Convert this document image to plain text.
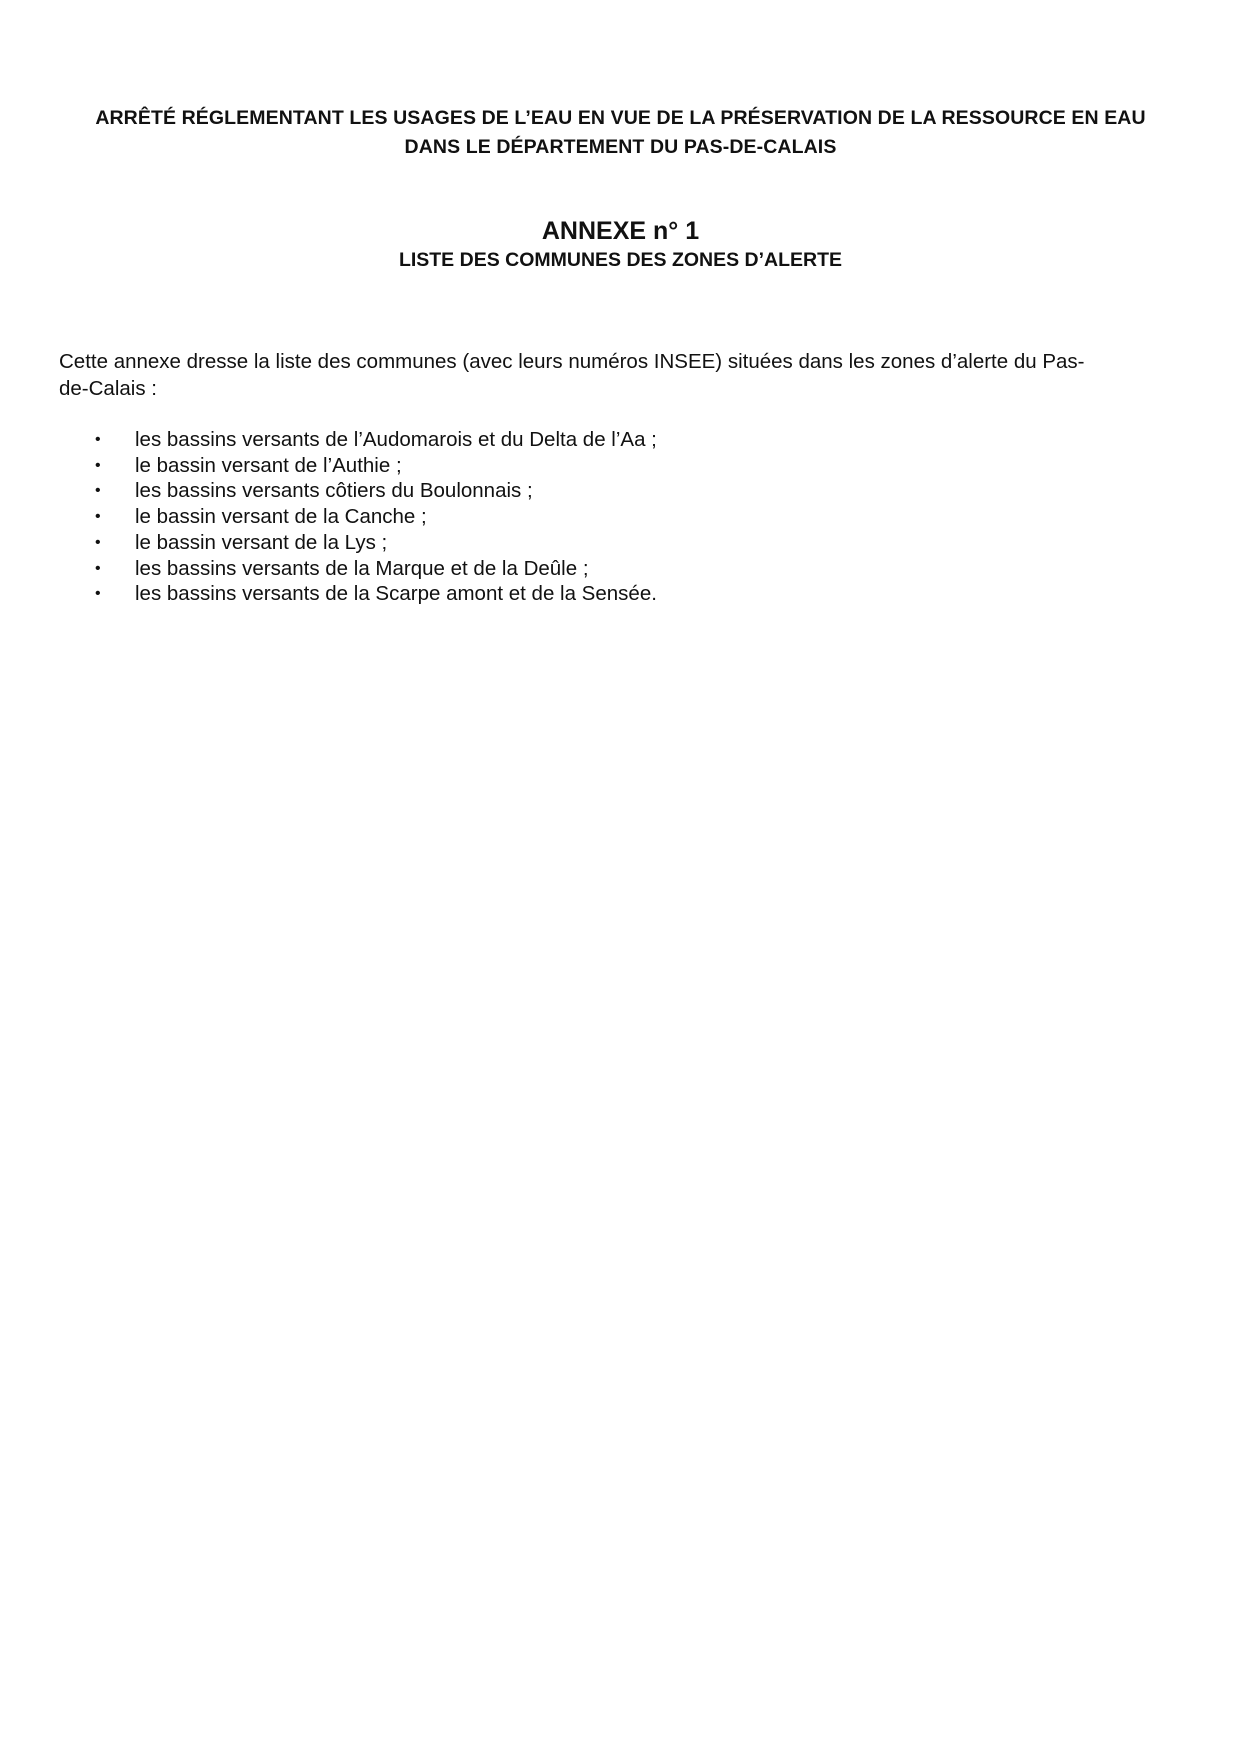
ARRÊTÉ RÉGLEMENTANT LES USAGES DE L’EAU EN VUE DE LA PRÉSERVATION DE LA RESSOURCE EN EAU
DANS LE DÉPARTEMENT DU PAS-DE-CALAIS
ANNEXE n° 1
LISTE DES COMMUNES DES ZONES D’ALERTE
Cette annexe dresse la liste des communes (avec leurs numéros INSEE) situées dans les zones d’alerte du Pas-
de-Calais :
• les bassins versants de l’Audomarois et du Delta de l’Aa ;
• le bassin versant de l’Authie ;
• les bassins versants côtiers du Boulonnais ;
• le bassin versant de la Canche ;
• le bassin versant de la Lys ;
• les bassins versants de la Marque et de la Deûle ;
• les bassins versants de la Scarpe amont et de la Sensée.
